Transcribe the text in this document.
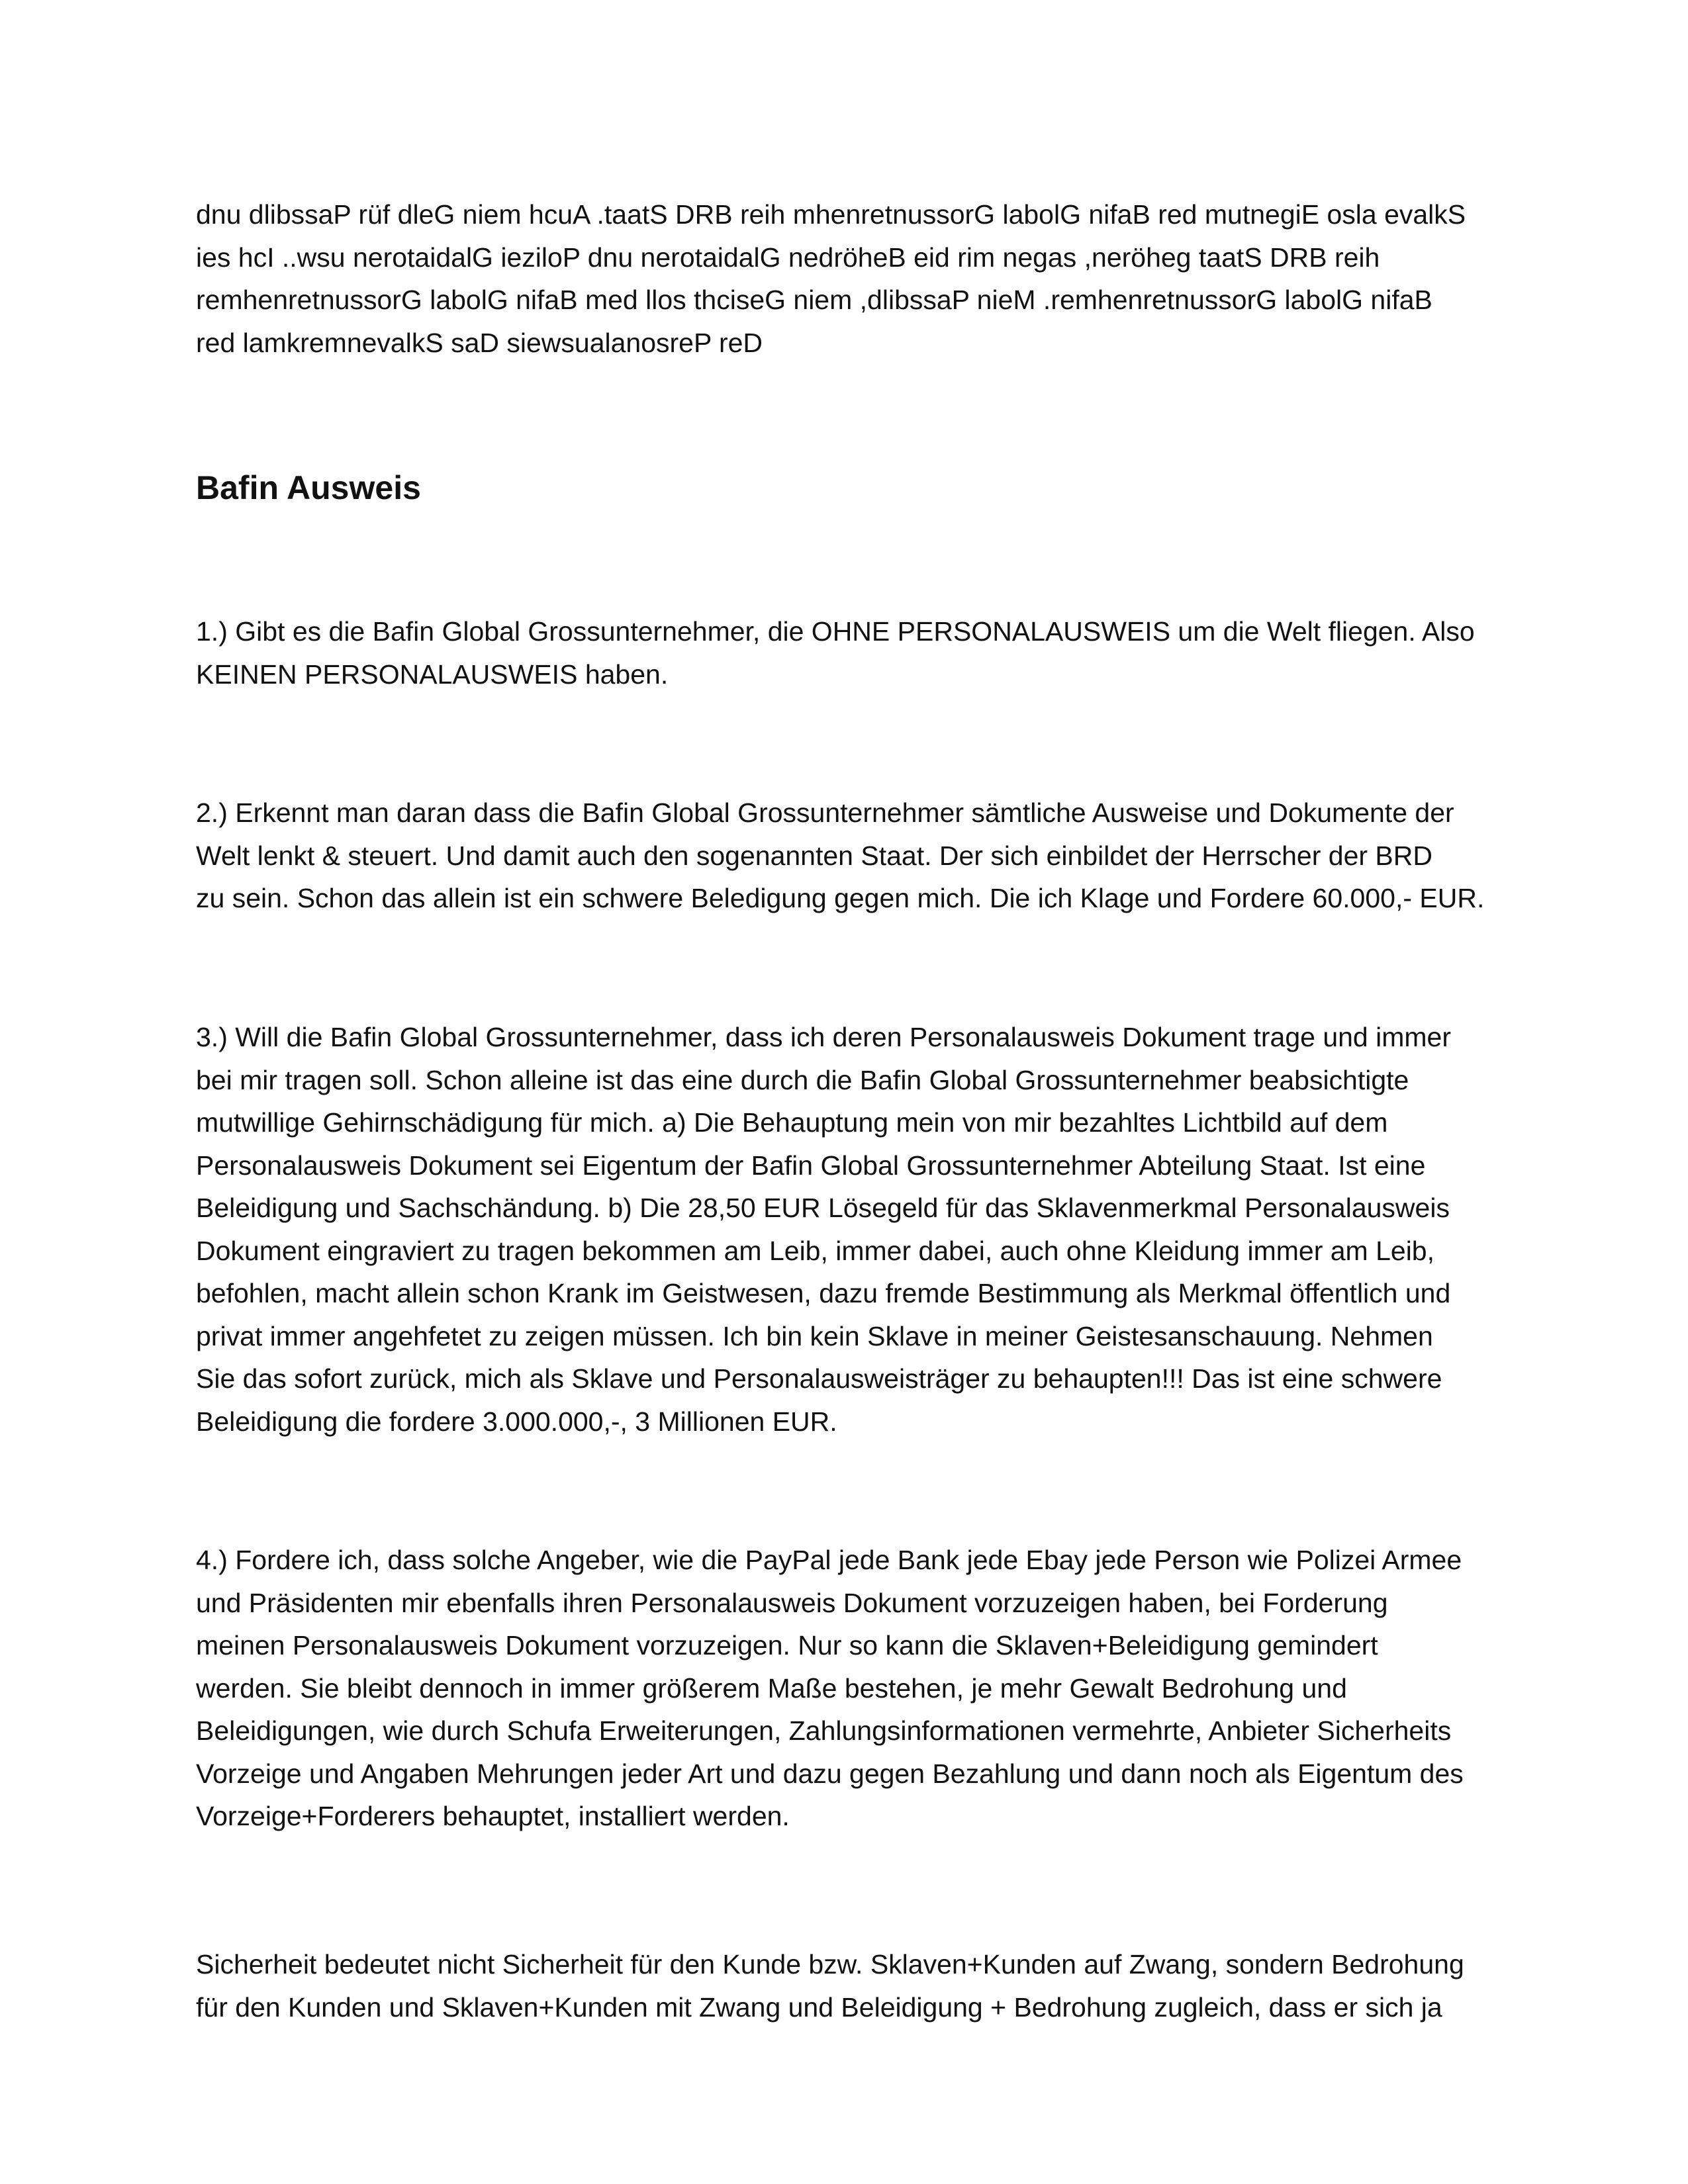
dnu dlibssaP rüf dleG niem hcuA .taatS DRB reih mhenretnussorG labolG nifaB red mutnegiE osla evalkS
ies hcI ..wsu nerotaidalG ieziloP dnu nerotaidalG nedröheB eid rim negas ,neröheg taatS DRB reih
remhenretnussorG labolG nifaB med llos thciseG niem ,dlibssaP nieM .remhenretnussorG labolG nifaB
red lamkremnevalkS saD siewsualanosreP reD

Bafin Ausweis

1.) Gibt es die Bafin Global Grossunternehmer, die OHNE PERSONALAUSWEIS um die Welt fliegen. Also
KEINEN PERSONALAUSWEIS haben.

2.) Erkennt man daran dass die Bafin Global Grossunternehmer sämtliche Ausweise und Dokumente der
Welt lenkt & steuert. Und damit auch den sogenannten Staat. Der sich einbildet der Herrscher der BRD
zu sein. Schon das allein ist ein schwere Beledigung gegen mich. Die ich Klage und Fordere 60.000,- EUR.

3.) Will die Bafin Global Grossunternehmer, dass ich deren Personalausweis Dokument trage und immer
bei mir tragen soll. Schon alleine ist das eine durch die Bafin Global Grossunternehmer beabsichtigte
mutwillige Gehirnschädigung für mich. a) Die Behauptung mein von mir bezahltes Lichtbild auf dem
Personalausweis Dokument sei Eigentum der Bafin Global Grossunternehmer Abteilung Staat. Ist eine
Beleidigung und Sachschändung. b) Die 28,50 EUR Lösegeld für das Sklavenmerkmal Personalausweis
Dokument eingraviert zu tragen bekommen am Leib, immer dabei, auch ohne Kleidung immer am Leib,
befohlen, macht allein schon Krank im Geistwesen, dazu fremde Bestimmung als Merkmal öffentlich und
privat immer angehfetet zu zeigen müssen. Ich bin kein Sklave in meiner Geistesanschauung. Nehmen
Sie das sofort zurück, mich als Sklave und Personalausweisträger zu behaupten!!! Das ist eine schwere
Beleidigung die fordere 3.000.000,-, 3 Millionen EUR.

4.) Fordere ich, dass solche Angeber, wie die PayPal jede Bank jede Ebay jede Person wie Polizei Armee
und Präsidenten mir ebenfalls ihren Personalausweis Dokument vorzuzeigen haben, bei Forderung
meinen Personalausweis Dokument vorzuzeigen. Nur so kann die Sklaven+Beleidigung gemindert
werden. Sie bleibt dennoch in immer größerem Maße bestehen, je mehr Gewalt Bedrohung und
Beleidigungen, wie durch Schufa Erweiterungen, Zahlungsinformationen vermehrte, Anbieter Sicherheits
Vorzeige und Angaben Mehrungen jeder Art und dazu gegen Bezahlung und dann noch als Eigentum des
Vorzeige+Forderers behauptet, installiert werden.

Sicherheit bedeutet nicht Sicherheit für den Kunde bzw. Sklaven+Kunden auf Zwang, sondern Bedrohung
für den Kunden und Sklaven+Kunden mit Zwang und Beleidigung + Bedrohung zugleich, dass er sich ja
